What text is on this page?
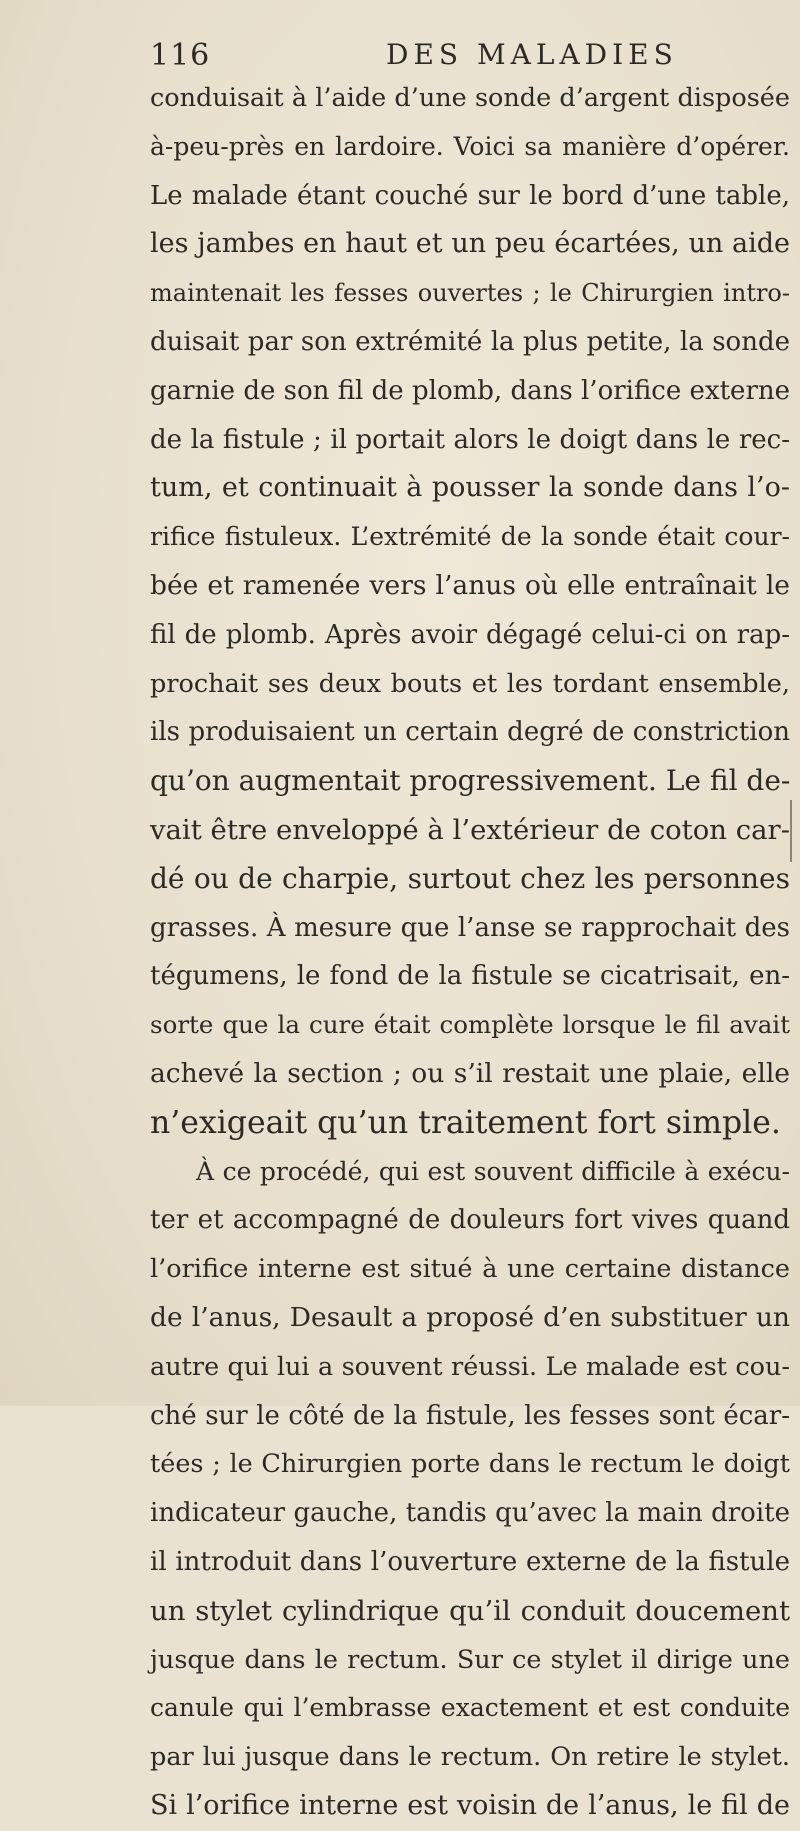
116	DES MALADIES
conduisait à l’aide d’une sonde d’argent disposée
à-peu-près en lardoire. Voici sa manière d’opérer.
Le malade étant couché sur le bord d’une table,
les jambes en haut et un peu écartées, un aide
maintenait les fesses ouvertes ; le Chirurgien intro-
duisait par son extrémité la plus petite, la sonde
garnie de son fil de plomb, dans l’orifice externe
de la fistule ; il portait alors le doigt dans le rec-
tum, et continuait à pousser la sonde dans l’o-
rifice fistuleux. L’extrémité de la sonde était cour-
bée et ramenée vers l’anus où elle entraînait le
fil de plomb. Après avoir dégagé celui-ci on rap-
prochait ses deux bouts et les tordant ensemble,
ils produisaient un certain degré de constriction
qu’on augmentait progressivement. Le fil de-
vait être enveloppé à l’extérieur de coton car-
dé ou de charpie, surtout chez les personnes
grasses. À mesure que l’anse se rapprochait des
tégumens, le fond de la fistule se cicatrisait, en-
sorte que la cure était complète lorsque le fil avait
achevé la section ; ou s’il restait une plaie, elle
n’exigeait qu’un traitement fort simple.
À ce procédé, qui est souvent difficile à exécu-
ter et accompagné de douleurs fort vives quand
l’orifice interne est situé à une certaine distance
de l’anus, Desault a proposé d’en substituer un
autre qui lui a souvent réussi. Le malade est cou-
ché sur le côté de la fistule, les fesses sont écar-
tées ; le Chirurgien porte dans le rectum le doigt
indicateur gauche, tandis qu’avec la main droite
il introduit dans l’ouverture externe de la fistule
un stylet cylindrique qu’il conduit doucement
jusque dans le rectum. Sur ce stylet il dirige une
canule qui l’embrasse exactement et est conduite
par lui jusque dans le rectum. On retire le stylet.
Si l’orifice interne est voisin de l’anus, le fil de
